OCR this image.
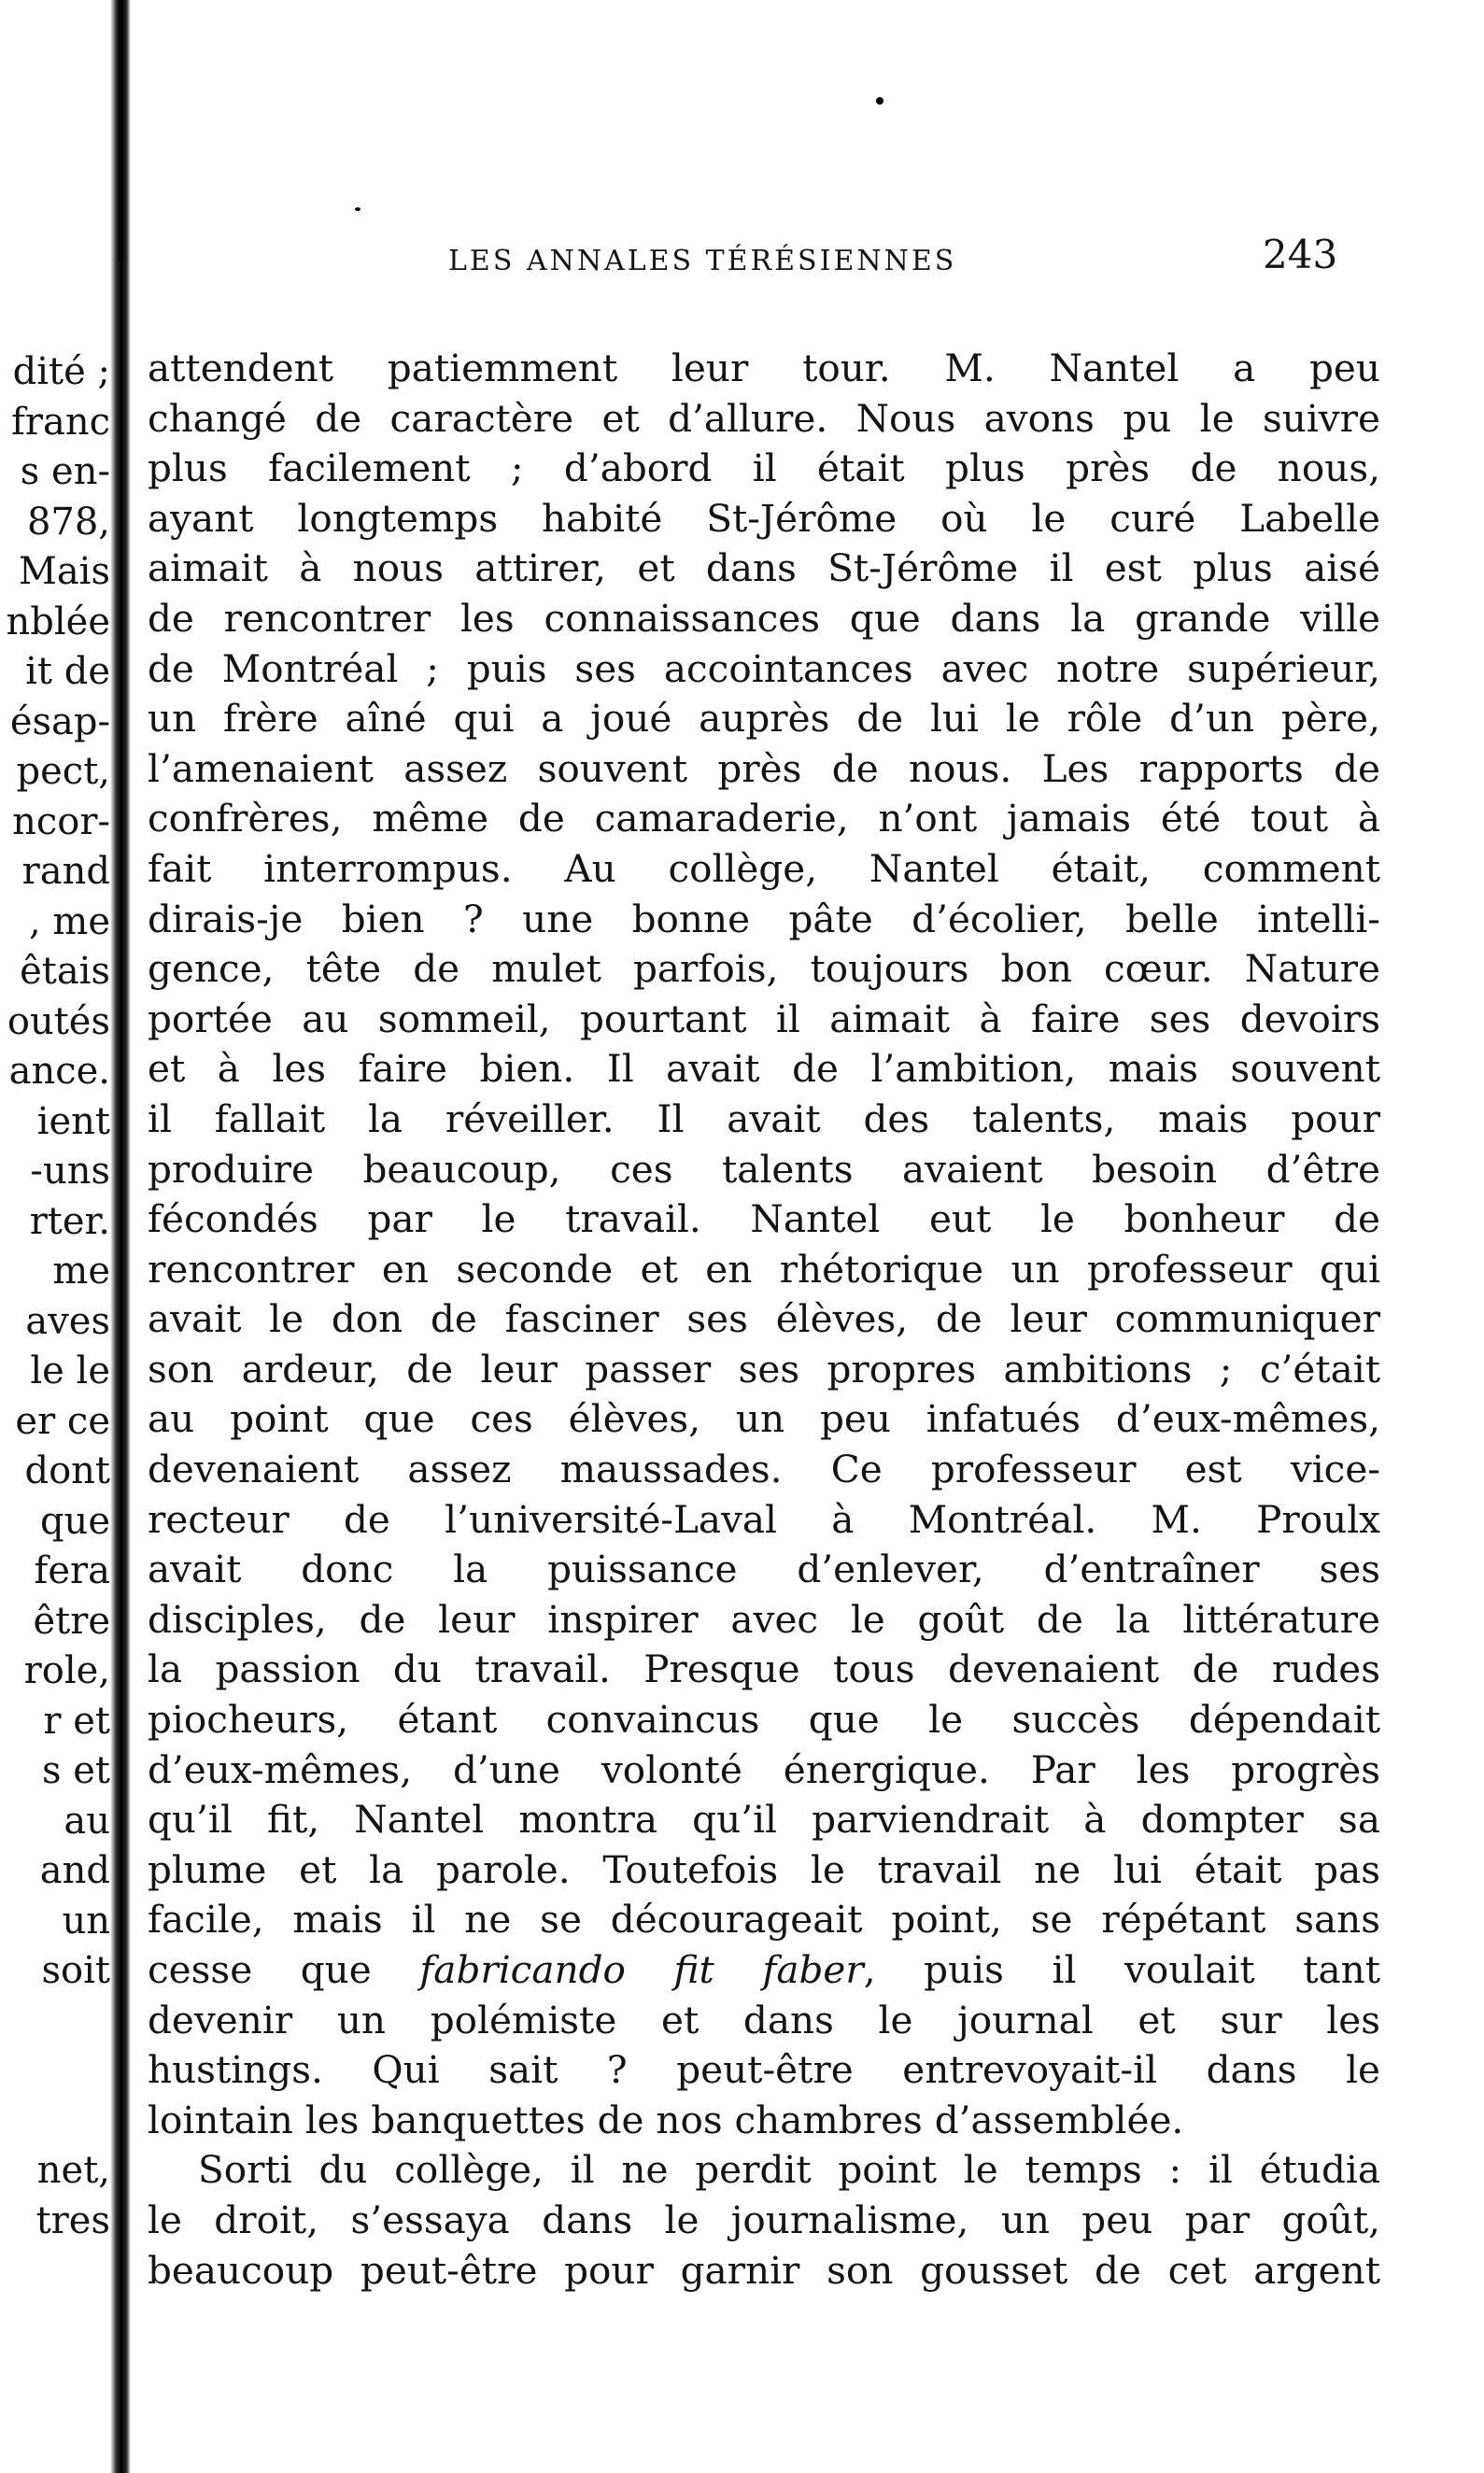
dité ;
franc
s en-
878,
Mais
nblée
it de
ésap-
pect,
ncor-
rand
, me
êtais
outés
ance.
ient
-uns
rter.
me
aves
le le
er ce
dont
que
fera
être
role,
r et
s et
au
and
un
soit

net,
tres
LES ANNALES TÉRÉSIENNES	243
attendent patiemment leur tour. M. Nantel a peu
changé de caractère et d’allure. Nous avons pu le suivre
plus facilement ; d’abord il était plus près de nous,
ayant longtemps habité St-Jérôme où le curé Labelle
aimait à nous attirer, et dans St-Jérôme il est plus aisé
de rencontrer les connaissances que dans la grande ville
de Montréal ; puis ses accointances avec notre supérieur,
un frère aîné qui a joué auprès de lui le rôle d’un père,
l’amenaient assez souvent près de nous. Les rapports de
confrères, même de camaraderie, n’ont jamais été tout à
fait interrompus. Au collège, Nantel était, comment
dirais-je bien ? une bonne pâte d’écolier, belle intelli-
gence, tête de mulet parfois, toujours bon cœur. Nature
portée au sommeil, pourtant il aimait à faire ses devoirs
et à les faire bien. Il avait de l’ambition, mais souvent
il fallait la réveiller. Il avait des talents, mais pour
produire beaucoup, ces talents avaient besoin d’être
fécondés par le travail. Nantel eut le bonheur de
rencontrer en seconde et en rhétorique un professeur qui
avait le don de fasciner ses élèves, de leur communiquer
son ardeur, de leur passer ses propres ambitions ; c’était
au point que ces élèves, un peu infatués d’eux-mêmes,
devenaient assez maussades. Ce professeur est vice-
recteur de l’université-Laval à Montréal. M. Proulx
avait donc la puissance d’enlever, d’entraîner ses
disciples, de leur inspirer avec le goût de la littérature
la passion du travail. Presque tous devenaient de rudes
piocheurs, étant convaincus que le succès dépendait
d’eux-mêmes, d’une volonté énergique. Par les progrès
qu’il fit, Nantel montra qu’il parviendrait à dompter sa
plume et la parole. Toutefois le travail ne lui était pas
facile, mais il ne se décourageait point, se répétant sans
cesse que fabricando fit faber, puis il voulait tant
devenir un polémiste et dans le journal et sur les
hustings. Qui sait ? peut-être entrevoyait-il dans le
lointain les banquettes de nos chambres d’assemblée.
Sorti du collège, il ne perdit point le temps : il étudia
le droit, s’essaya dans le journalisme, un peu par goût,
beaucoup peut-être pour garnir son gousset de cet argent
